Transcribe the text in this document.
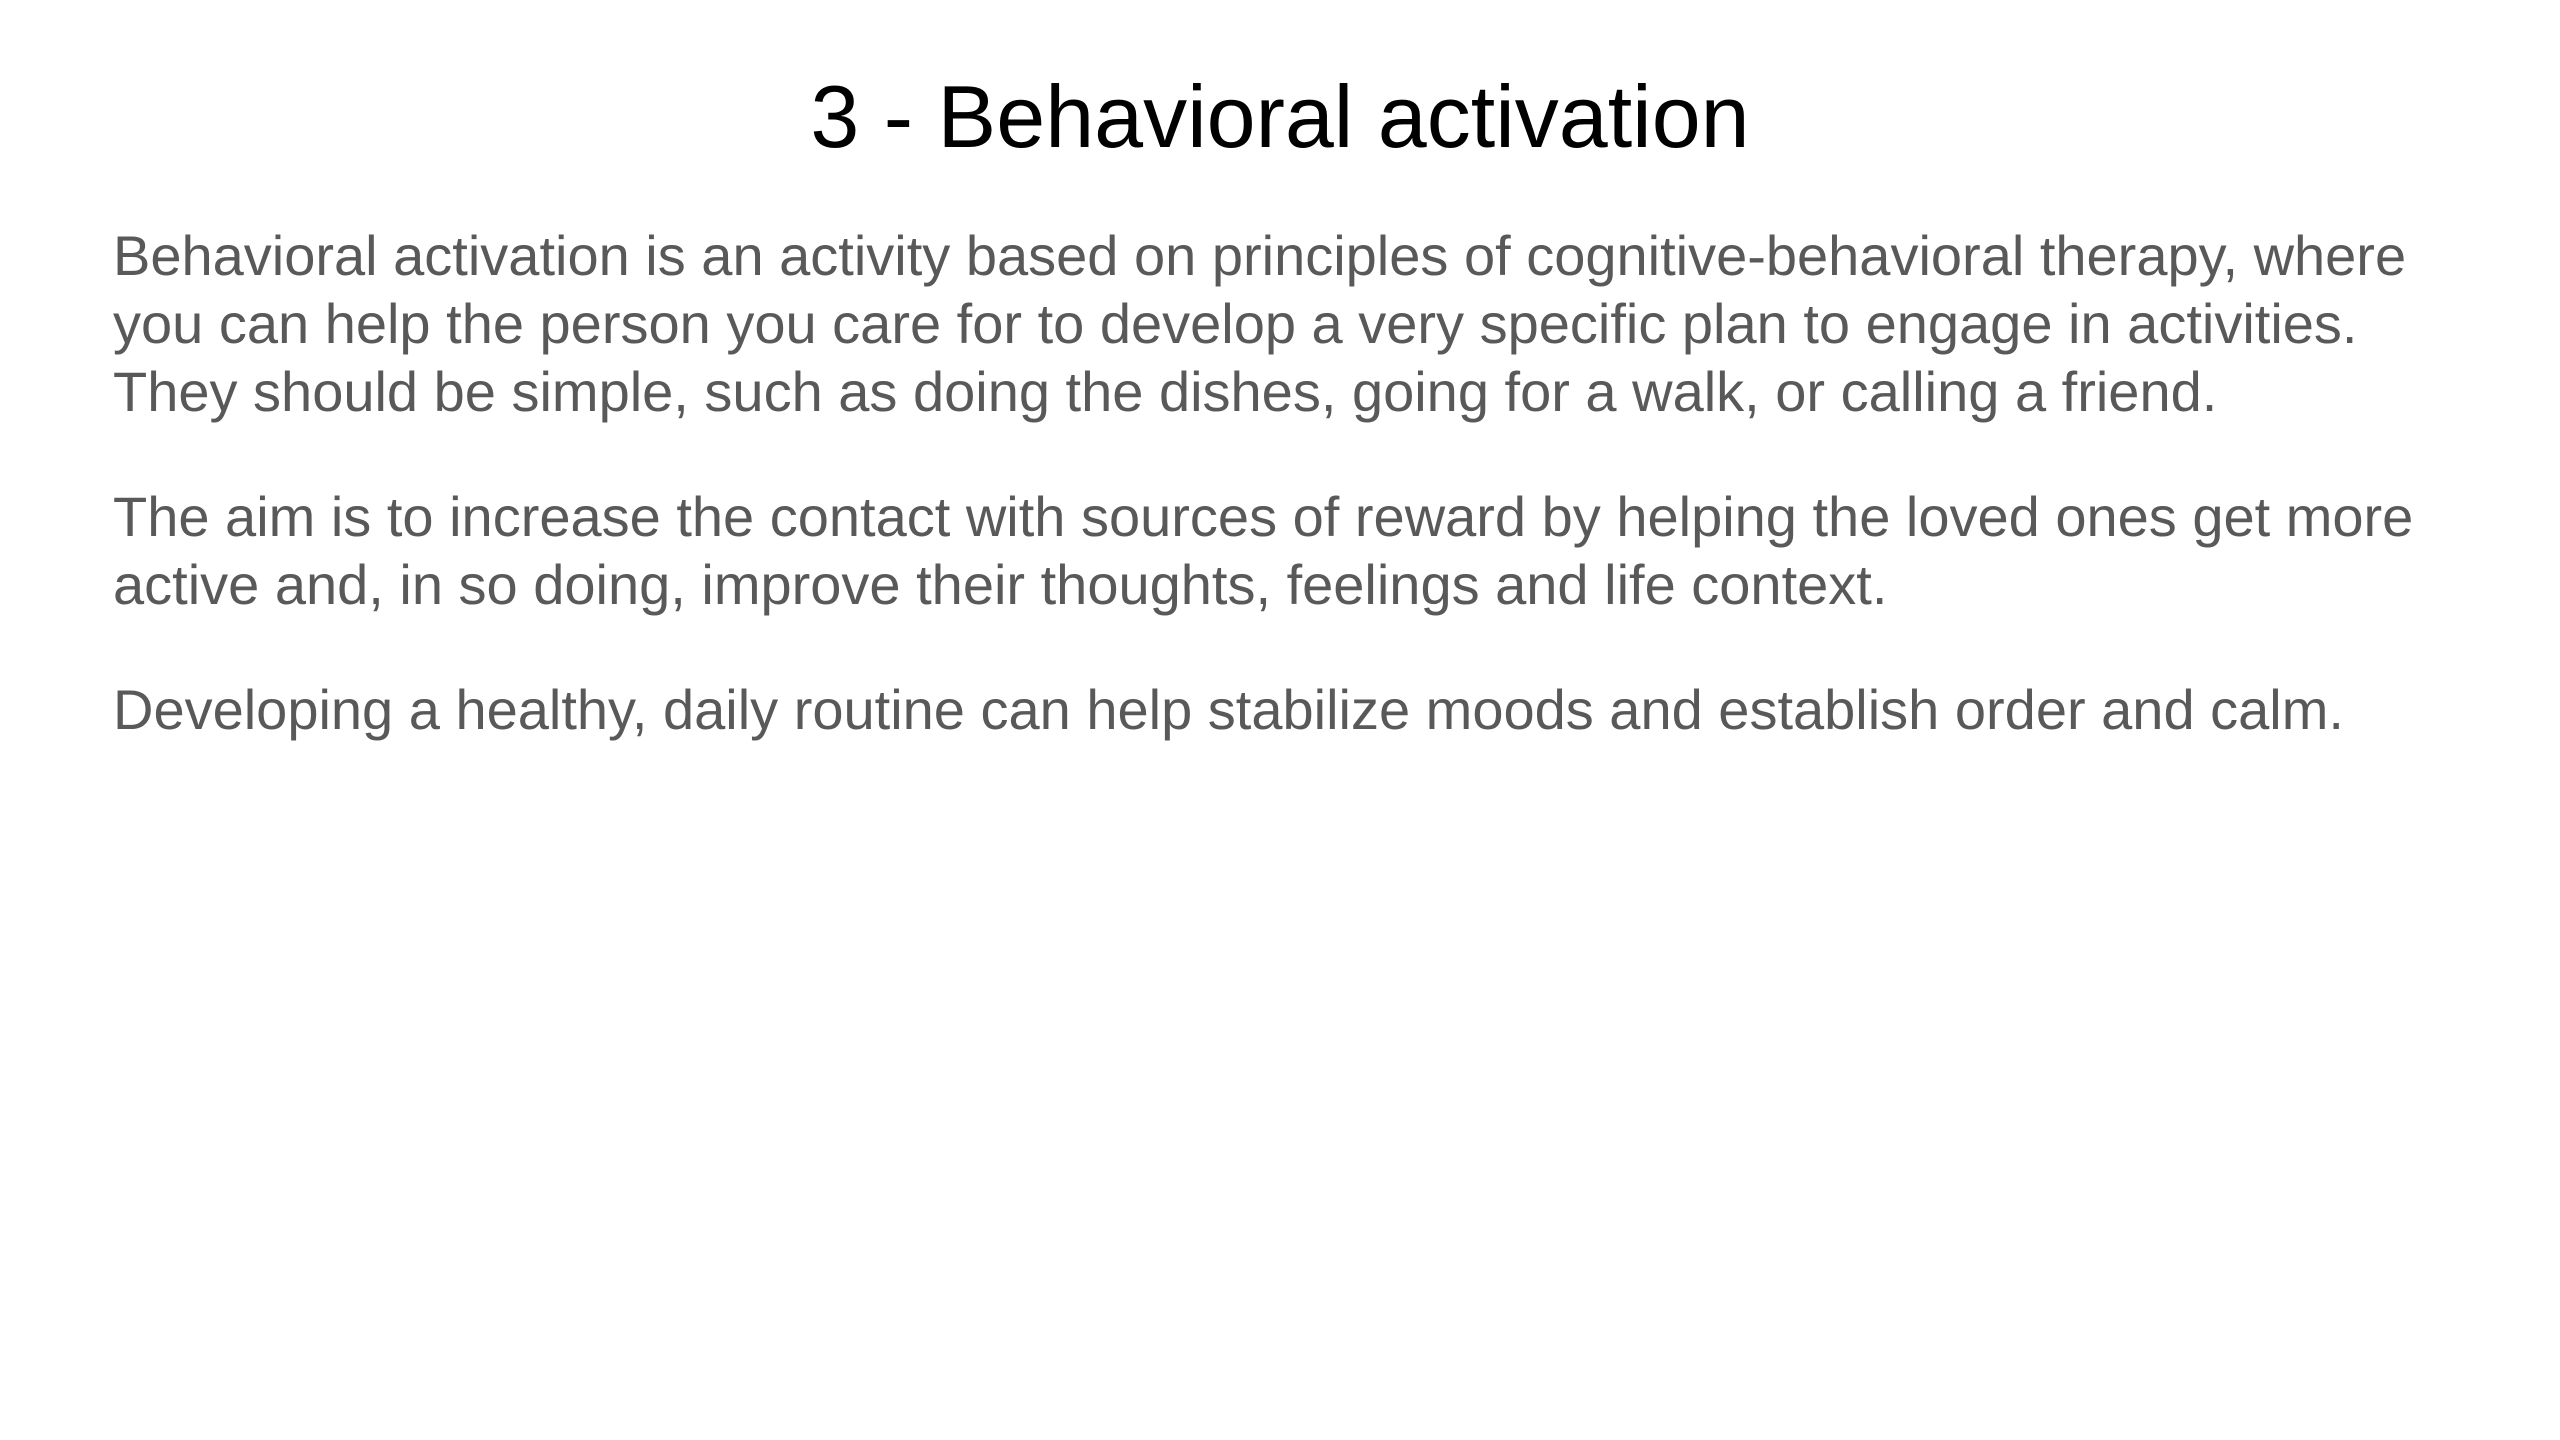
3 - Behavioral activation

Behavioral activation is an activity based on principles of cognitive-behavioral therapy, where you can help the person you care for to develop a very specific plan to engage in activities. They should be simple, such as doing the dishes, going for a walk, or calling a friend.

The aim is to increase the contact with sources of reward by helping the loved ones get more active and, in so doing, improve their thoughts, feelings and life context.

Developing a healthy, daily routine can help stabilize moods and establish order and calm.
